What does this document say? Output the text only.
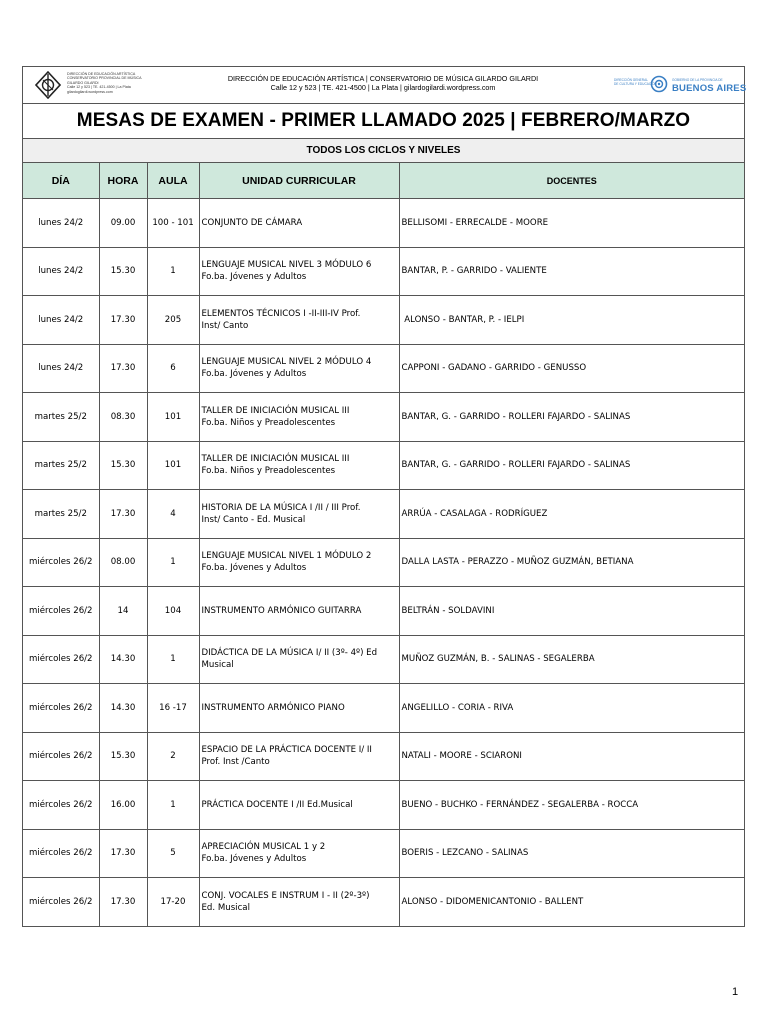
DIRECCIÓN DE EDUCACIÓN ARTÍSTICA
CONSERVATORIO PROVINCIAL DE MÚSICA
GILARDO GILARDI
Calle 12 y 523 | TE. 421-4500 | La Plata
gilardogilardi.wordpress.com
DIRECCIÓN DE EDUCACIÓN ARTÍSTICA | CONSERVATORIO DE MÚSICA GILARDO GILARDI
Calle 12 y 523 | TE. 421-4500 | La Plata | gilardogilardi.wordpress.com
DIRECCIÓN GENERAL
DE CULTURA Y EDUCACIÓN
GOBIERNO DE LA PROVINCIA DE
BUENOS AIRES
MESAS DE EXAMEN - PRIMER LLAMADO 2025 | FEBRERO/MARZO
TODOS LOS CICLOS Y NIVELES
DÍA	HORA	AULA	UNIDAD CURRICULAR	DOCENTES
lunes 24/2	09.00	100 - 101	CONJUNTO DE CÁMARA	BELLISOMI - ERRECALDE - MOORE
lunes 24/2	15.30	1	LENGUAJE MUSICAL NIVEL 3 MÓDULO 6
Fo.ba. Jóvenes y Adultos	BANTAR, P. - GARRIDO - VALIENTE
lunes 24/2	17.30	205	ELEMENTOS TÉCNICOS I -II-III-IV Prof.
Inst/ Canto	ALONSO - BANTAR, P. - IELPI
lunes 24/2	17.30	6	LENGUAJE MUSICAL NIVEL 2 MÓDULO 4
Fo.ba. Jóvenes y Adultos	CAPPONI - GADANO - GARRIDO - GENUSSO
martes 25/2	08.30	101	TALLER DE INICIACIÓN MUSICAL III
Fo.ba. Niños y Preadolescentes	BANTAR, G. - GARRIDO - ROLLERI FAJARDO - SALINAS
martes 25/2	15.30	101	TALLER DE INICIACIÓN MUSICAL III
Fo.ba. Niños y Preadolescentes	BANTAR, G. - GARRIDO - ROLLERI FAJARDO - SALINAS
martes 25/2	17.30	4	HISTORIA DE LA MÚSICA I /II / III Prof.
Inst/ Canto - Ed. Musical	ARRÚA - CASALAGA - RODRÍGUEZ
miércoles 26/2	08.00	1	LENGUAJE MUSICAL NIVEL 1 MÓDULO 2
Fo.ba. Jóvenes y Adultos	DALLA LASTA - PERAZZO - MUÑOZ GUZMÁN, BETIANA
miércoles 26/2	14	104	INSTRUMENTO ARMÓNICO GUITARRA	BELTRÁN - SOLDAVINI
miércoles 26/2	14.30	1	DIDÁCTICA DE LA MÚSICA I/ II (3º- 4º) Ed
Musical	MUÑOZ GUZMÁN, B. - SALINAS - SEGALERBA
miércoles 26/2	14.30	16 -17	INSTRUMENTO ARMÓNICO PIANO	ANGELILLO - CORIA - RIVA
miércoles 26/2	15.30	2	ESPACIO DE LA PRÁCTICA DOCENTE I/ II
Prof. Inst /Canto	NATALI - MOORE - SCIARONI
miércoles 26/2	16.00	1	PRÁCTICA DOCENTE I /II Ed.Musical	BUENO - BUCHKO - FERNÁNDEZ - SEGALERBA - ROCCA
miércoles 26/2	17.30	5	APRECIACIÓN MUSICAL 1 y 2
Fo.ba. Jóvenes y Adultos	BOERIS - LEZCANO - SALINAS
miércoles 26/2	17.30	17-20	CONJ. VOCALES E INSTRUM I - II (2º-3º)
Ed. Musical	ALONSO - DIDOMENICANTONIO - BALLENT
1
